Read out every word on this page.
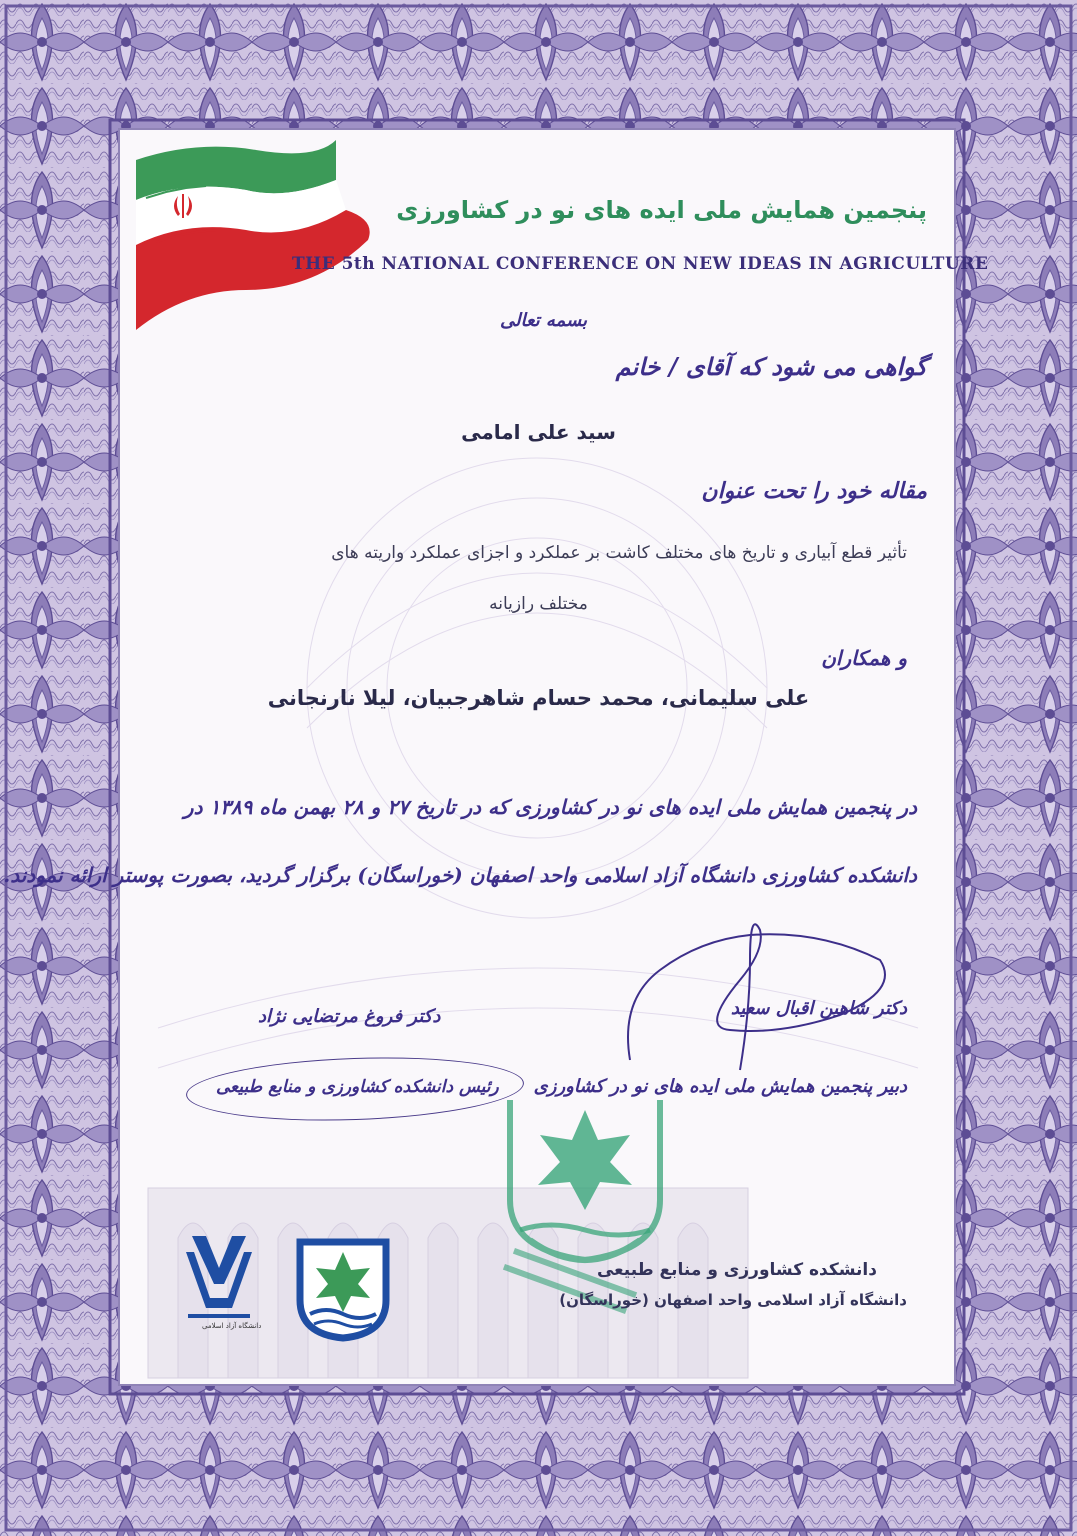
پنجمین همایش ملی ایده های نو در کشاورزی
THE 5th NATIONAL CONFERENCE ON NEW IDEAS IN AGRICULTURE
بسمه تعالی
گواهی می شود که آقای / خانم
سید علی امامی
مقاله خود را تحت عنوان
تأثیر قطع آبیاری و تاریخ های مختلف کاشت بر عملکرد و اجزای عملکرد واریته های
مختلف رازیانه
و همکاران
علی سلیمانی، محمد حسام شاهرجبیان، لیلا نارنجانی
در پنجمین همایش ملی ایده های نو در کشاورزی که در تاریخ ۲۷ و ۲۸ بهمن ماه ۱۳۸۹ در
دانشکده کشاورزی دانشگاه آزاد اسلامی واحد اصفهان (خوراسگان) برگزار گردید، بصورت پوستر ارائه نمودند.
دکتر شاهین اقبال سعید
دبیر پنجمین همایش ملی ایده های نو در کشاورزی
دکتر فروغ مرتضایی نژاد
رئیس دانشکده کشاورزی و منابع طبیعی
دانشگاه آزاد اسلامی
دانشکده کشاورزی و منابع طبیعی
دانشگاه آزاد اسلامی واحد اصفهان (خوراسگان)
